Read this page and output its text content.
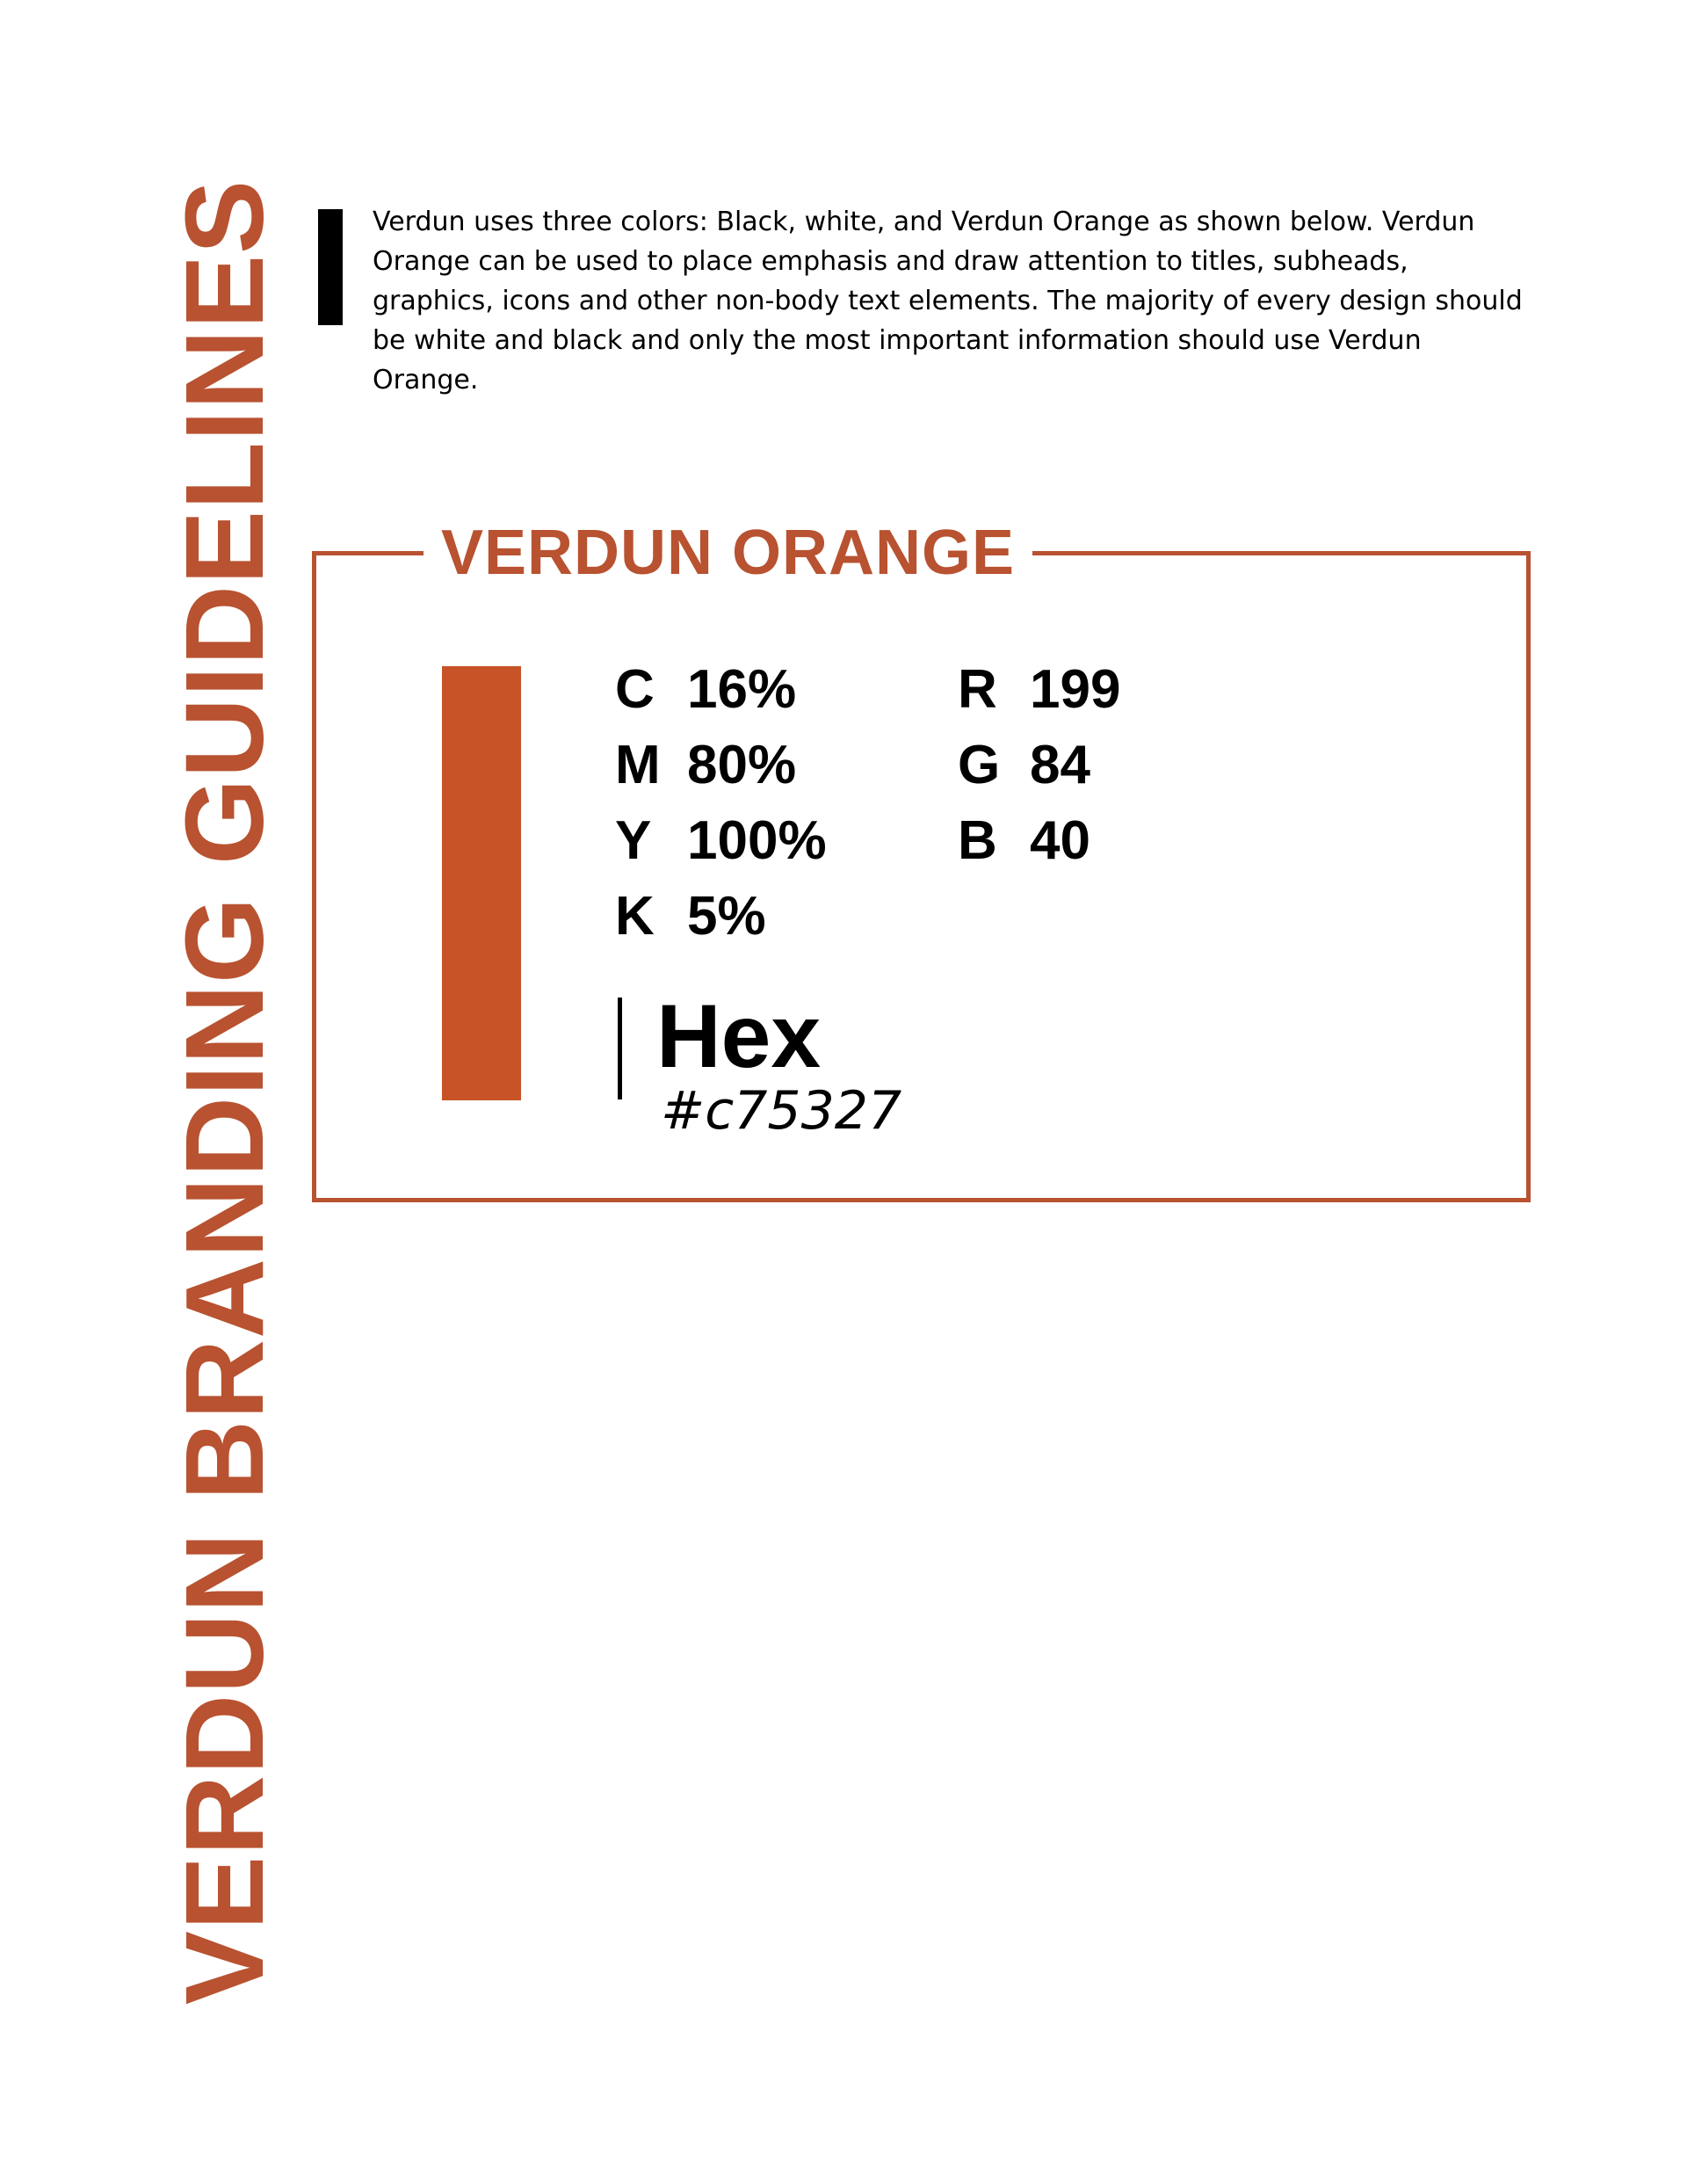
VERDUN BRANDING GUIDELINES	Verdun uses three colors: Black, white, and Verdun Orange as shown below. Verdun Orange can be used to place emphasis and draw attention to titles, subheads, graphics, icons and other non-body text elements. The majority of every design should be white and black and only the most important information should use Verdun Orange.

VERDUN ORANGE
C 16%
M 80%
Y 100%
K 5%
R 199
G 84
B 40
Hex
#c75327
